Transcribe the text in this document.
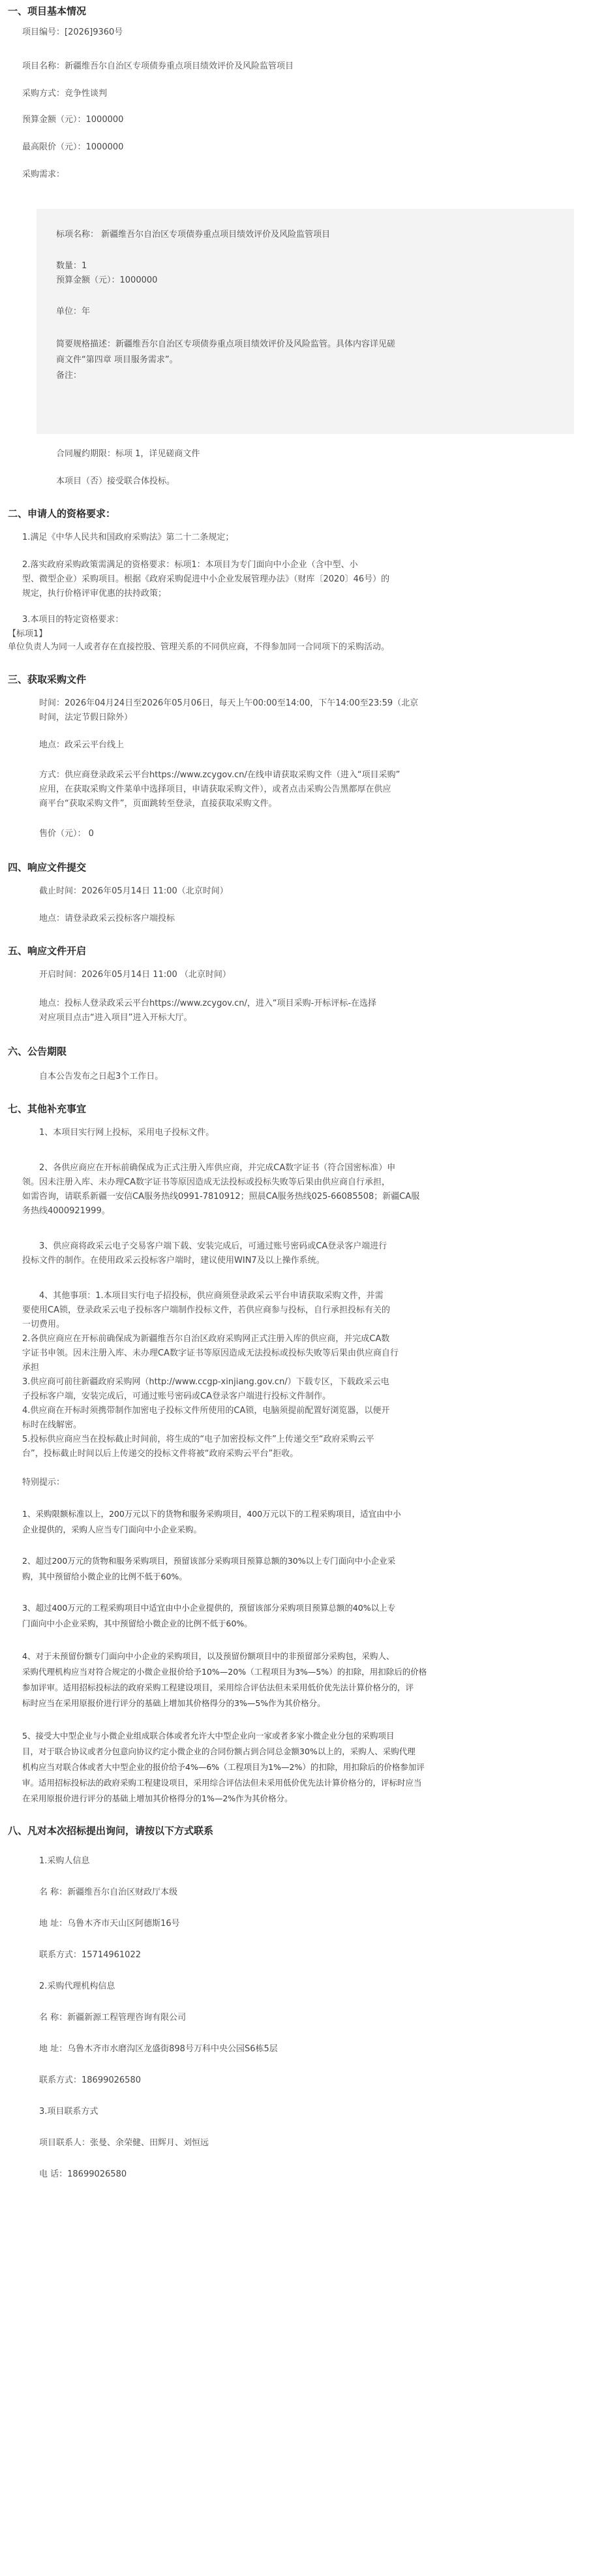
一、项目基本情况
项目编号：[2026]9360号
项目名称：新疆维吾尔自治区专项债券重点项目绩效评价及风险监管项目
采购方式：竞争性谈判
预算金额（元）：1000000
最高限价（元）：1000000
采购需求：
标项名称： 新疆维吾尔自治区专项债券重点项目绩效评价及风险监管项目
数量：1
预算金额（元）：1000000
单位：年
简要规格描述：新疆维吾尔自治区专项债券重点项目绩效评价及风险监管。具体内容详见磋
商文件“第四章 项目服务需求”。
备注：
合同履约期限：标项 1，详见磋商文件
本项目（否）接受联合体投标。
二、申请人的资格要求：
1.满足《中华人民共和国政府采购法》第二十二条规定；
2.落实政府采购政策需满足的资格要求：标项1：本项目为专门面向中小企业（含中型、小
型、微型企业）采购项目。根据《政府采购促进中小企业发展管理办法》（财库〔2020〕46号）的
规定，执行价格评审优惠的扶持政策；
3.本项目的特定资格要求：
【标项1】
单位负责人为同一人或者存在直接控股、管理关系的不同供应商，不得参加同一合同项下的采购活动。
三、获取采购文件
时间：2026年04月24日至2026年05月06日，每天上午00:00至14:00，下午14:00至23:59（北京
时间，法定节假日除外）
地点：政采云平台线上
方式：供应商登录政采云平台https://www.zcygov.cn/在线申请获取采购文件（进入“项目采购”
应用，在获取采购文件菜单中选择项目，申请获取采购文件），或者点击采购公告黑都厚在供应
商平台“获取采购文件”，页面跳转至登录，直接获取采购文件。
售价（元）： 0
四、响应文件提交
截止时间：2026年05月14日 11:00（北京时间）
地点：请登录政采云投标客户端投标
五、响应文件开启
开启时间：2026年05月14日 11:00 （北京时间）
地点：投标人登录政采云平台https://www.zcygov.cn/，进入“项目采购-开标评标-在选择
对应项目点击“进入项目”进入开标大厅。
六、公告期限
自本公告发布之日起3个工作日。
七、其他补充事宜
1、本项目实行网上投标，采用电子投标文件。
2、各供应商应在开标前确保成为正式注册入库供应商，并完成CA数字证书（符合国密标准）申
领。因未注册入库、未办理CA数字证书等原因造成无法投标或投标失败等后果由供应商自行承担，
如需咨询，请联系新疆一安信CA服务热线0991-7810912；照晨CA服务热线025-66085508；新疆CA服
务热线4000921999。
3、供应商将政采云电子交易客户端下载、安装完成后，可通过账号密码或CA登录客户端进行
投标文件的制作。在使用政采云投标客户端时，建议使用WIN7及以上操作系统。
4、其他事项：1.本项目实行电子招投标，供应商须登录政采云平台申请获取采购文件，并需
要使用CA锁，登录政采云电子投标客户端制作投标文件，若供应商参与投标，自行承担投标有关的
一切费用。
2.各供应商应在开标前确保成为新疆维吾尔自治区政府采购网正式注册入库的供应商，并完成CA数
字证书申领。因未注册入库、未办理CA数字证书等原因造成无法投标或投标失败等后果由供应商自行
承担
3.供应商可前往新疆政府采购网（http://www.ccgp-xinjiang.gov.cn/）下载专区，下载政采云电
子投标客户端，安装完成后，可通过账号密码或CA登录客户端进行投标文件制作。
4.供应商在开标时须携带制作加密电子投标文件所使用的CA锁，电脑须提前配置好浏览器，以便开
标时在线解密。
5.投标供应商应当在投标截止时间前，将生成的“电子加密投标文件”上传递交至“政府采购云平
台”，投标截止时间以后上传递交的投标文件将被“政府采购云平台”拒收。
特别提示：
1、采购限额标准以上，200万元以下的货物和服务采购项目，400万元以下的工程采购项目，适宜由中小
企业提供的，采购人应当专门面向中小企业采购。
2、超过200万元的货物和服务采购项目，预留该部分采购项目预算总额的30%以上专门面向中小企业采
购，其中预留给小微企业的比例不低于60%。
3、超过400万元的工程采购项目中适宜由中小企业提供的，预留该部分采购项目预算总额的40%以上专
门面向中小企业采购，其中预留给小微企业的比例不低于60%。
4、对于未预留份额专门面向中小企业的采购项目，以及预留份额项目中的非预留部分采购包，采购人、
采购代理机构应当对符合规定的小微企业报价给予10%—20%（工程项目为3%—5%）的扣除，用扣除后的价格
参加评审。适用招标投标法的政府采购工程建设项目，采用综合评估法但未采用低价优先法计算价格分的，评
标时应当在采用原报价进行评分的基础上增加其价格得分的3%—5%作为其价格分。
5、接受大中型企业与小微企业组成联合体或者允许大中型企业向一家或者多家小微企业分包的采购项目
目，对于联合协议或者分包意向协议约定小微企业的合同份额占到合同总金额30%以上的，采购人、采购代理
机构应当对联合体或者大中型企业的报价给予4%—6%（工程项目为1%—2%）的扣除，用扣除后的价格参加评
审。适用招标投标法的政府采购工程建设项目，采用综合评估法但未采用低价优先法计算价格分的，评标时应当
在采用原报价进行评分的基础上增加其价格得分的1%—2%作为其价格分。
八、凡对本次招标提出询问，请按以下方式联系
1.采购人信息
名 称：新疆维吾尔自治区财政厅本级
地 址：乌鲁木齐市天山区阿德斯16号
联系方式：15714961022
2.采购代理机构信息
名 称：新疆新源工程管理咨询有限公司
地 址：乌鲁木齐市水磨沟区龙盛街898号万科中央公园S6栋5层
联系方式：18699026580
3.项目联系方式
项目联系人：张曼、余荣健、田辉月、刘恒远
电 话：18699026580
